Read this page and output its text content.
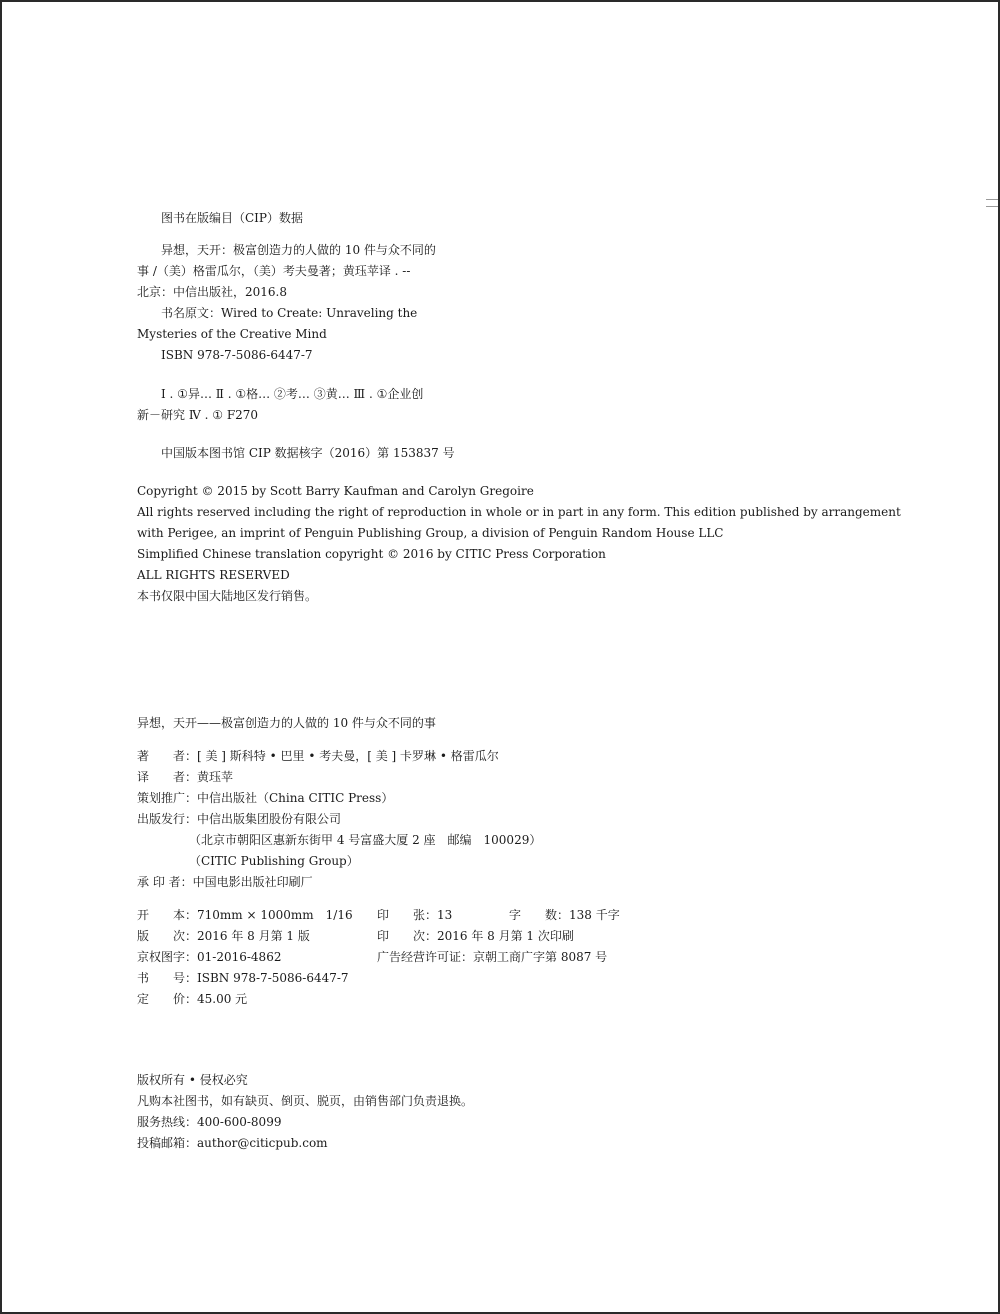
图书在版编目（CIP）数据
异想，天开：极富创造力的人做的 10 件与众不同的
事 /（美）格雷瓜尔，（美）考夫曼著；黄珏苹译 . --
北京：中信出版社，2016.8
书名原文：Wired to Create: Unraveling the
Mysteries of the Creative Mind
ISBN 978-7-5086-6447-7
Ⅰ . ①异… Ⅱ . ①格… ②考… ③黄… Ⅲ . ①企业创
新－研究 Ⅳ . ① F270
中国版本图书馆 CIP 数据核字（2016）第 153837 号
Copyright © 2015 by Scott Barry Kaufman and Carolyn Gregoire
All rights reserved including the right of reproduction in whole or in part in any form. This edition published by arrangement
with Perigee, an imprint of Penguin Publishing Group, a division of Penguin Random House LLC
Simplified Chinese translation copyright © 2016 by CITIC Press Corporation
ALL RIGHTS RESERVED
本书仅限中国大陆地区发行销售。
异想，天开——极富创造力的人做的 10 件与众不同的事
著　　者：[ 美 ] 斯科特 • 巴里 • 考夫曼，[ 美 ] 卡罗琳 • 格雷瓜尔
译　　者：黄珏苹
策划推广：中信出版社（China CITIC Press）
出版发行：中信出版集团股份有限公司
（北京市朝阳区惠新东街甲 4 号富盛大厦 2 座　邮编　100029）
（CITIC Publishing Group）
承 印 者：中国电影出版社印刷厂
开　　本：710mm × 1000mm　1/16	印　　张：13	字　　数：138 千字
版　　次：2016 年 8 月第 1 版	印　　次：2016 年 8 月第 1 次印刷
京权图字：01-2016-4862	广告经营许可证：京朝工商广字第 8087 号
书　　号：ISBN 978-7-5086-6447-7
定　　价：45.00 元
版权所有 • 侵权必究
凡购本社图书，如有缺页、倒页、脱页，由销售部门负责退换。
服务热线：400-600-8099
投稿邮箱：author@citicpub.com
